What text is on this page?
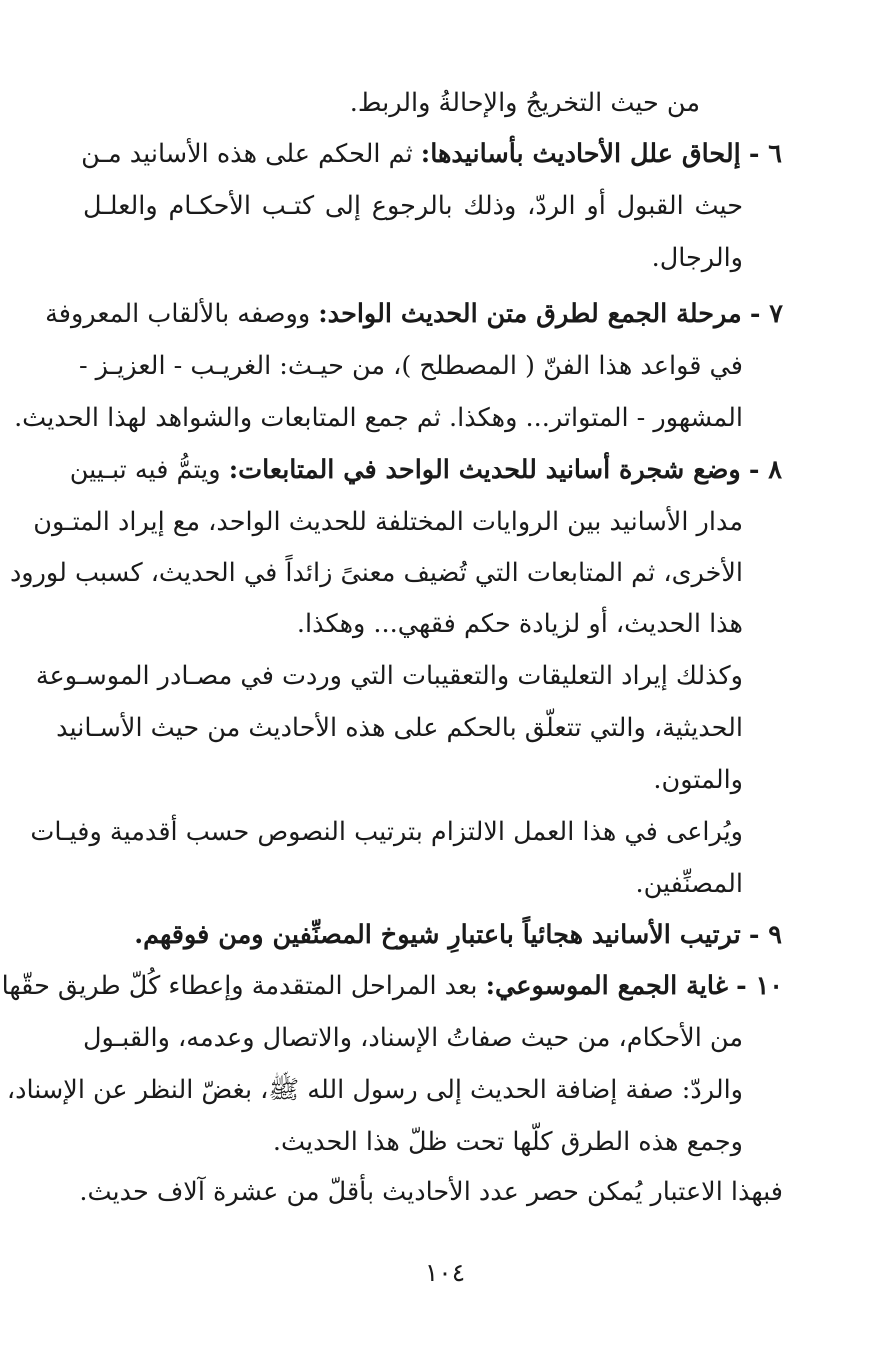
من حيث التخريجُ والإحالةُ والربط.
٦ - إلحاق علل الأحاديث بأسانيدها: ثم الحكم على هذه الأسانيد مـن
حيث القبول أو الردّ، وذلك بالرجوع إلى كتـب الأحكـام والعلـل
والرجال.
٧ - مرحلة الجمع لطرق متن الحديث الواحد: ووصفه بالألقاب المعروفة
في قواعد هذا الفنّ ( المصطلح )، من حيـث: الغريـب - العزيـز -
المشهور - المتواتر... وهكذا. ثم جمع المتابعات والشواهد لهذا الحديث.
٨ - وضع شجرة أسانيد للحديث الواحد في المتابعات: ويتمُّ فيه تبـيين
مدار الأسانيد بين الروايات المختلفة للحديث الواحد، مع إيراد المتـون
الأخرى، ثم المتابعات التي تُضيف معنىً زائداً في الحديث، كسبب لورود
هذا الحديث، أو لزيادة حكم فقهي... وهكذا.
وكذلك إيراد التعليقات والتعقيبات التي وردت في مصـادر الموسـوعة
الحديثية، والتي تتعلّق بالحكم على هذه الأحاديث من حيث الأسـانيد
والمتون.
ويُراعى في هذا العمل الالتزام بترتيب النصوص حسب أقدمية وفيـات
المصنِّفين.
٩ - ترتيب الأسانيد هجائياً باعتبارِ شيوخ المصنِّفين ومن فوقهم.
١٠ - غاية الجمع الموسوعي: بعد المراحل المتقدمة وإعطاء كُلّ طريق حقّها
من الأحكام، من حيث صفاتُ الإسناد، والاتصال وعدمه، والقبـول
والردّ: صفة إضافة الحديث إلى رسول الله ﷺ، بغضّ النظر عن الإسناد،
وجمع هذه الطرق كلّها تحت ظلّ هذا الحديث.
فبهذا الاعتبار يُمكن حصر عدد الأحاديث بأقلّ من عشرة آلاف حديث.
١٠٤
